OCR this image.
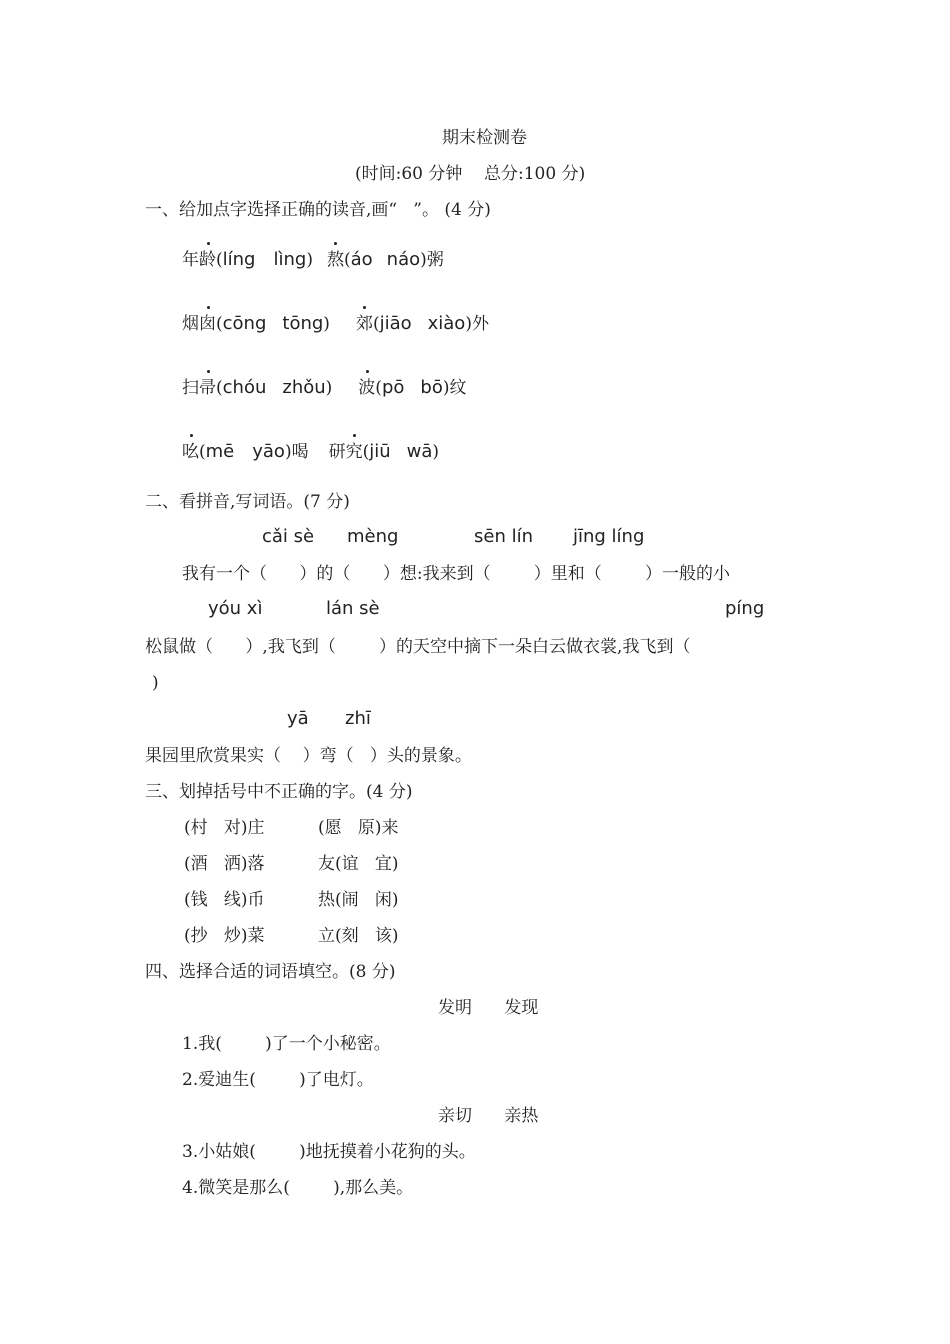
期末检测卷
(时间:60 分钟    总分:100 分)
一、给加点字选择正确的读音,画“   ”。 (4 分)
年龄(líng lìng) 熬(áo náo)粥
烟囱(cōng tōng) 郊(jiāo xiào)外
扫帚(chóu zhǒu) 波(pō bō)纹
吆(mē yāo)喝 研究(jiū wā)
二、看拼音,写词语。(7 分)
cǎi sè mèng	sēn lín jīng líng
我有一个（      ）的（      ）想:我来到（        ）里和（        ）一般的小
yóu xì	lán sè	píng
松鼠做（      ）,我飞到（        ）的天空中摘下一朵白云做衣裳,我飞到（
)
yā zhī
果园里欣赏果实（    ）弯（   ）头的景象。
三、划掉括号中不正确的字。(4 分)
(村   对)庄	(愿   原)来
(酒   洒)落	友(谊   宜)
(钱   线)币	热(闹   闲)
(抄   炒)菜	立(刻   该)
四、选择合适的词语填空。(8 分)
发明      发现
1.我(        )了一个小秘密。
2.爱迪生(        )了电灯。
亲切      亲热
3.小姑娘(        )地抚摸着小花狗的头。
4.微笑是那么(        ),那么美。
